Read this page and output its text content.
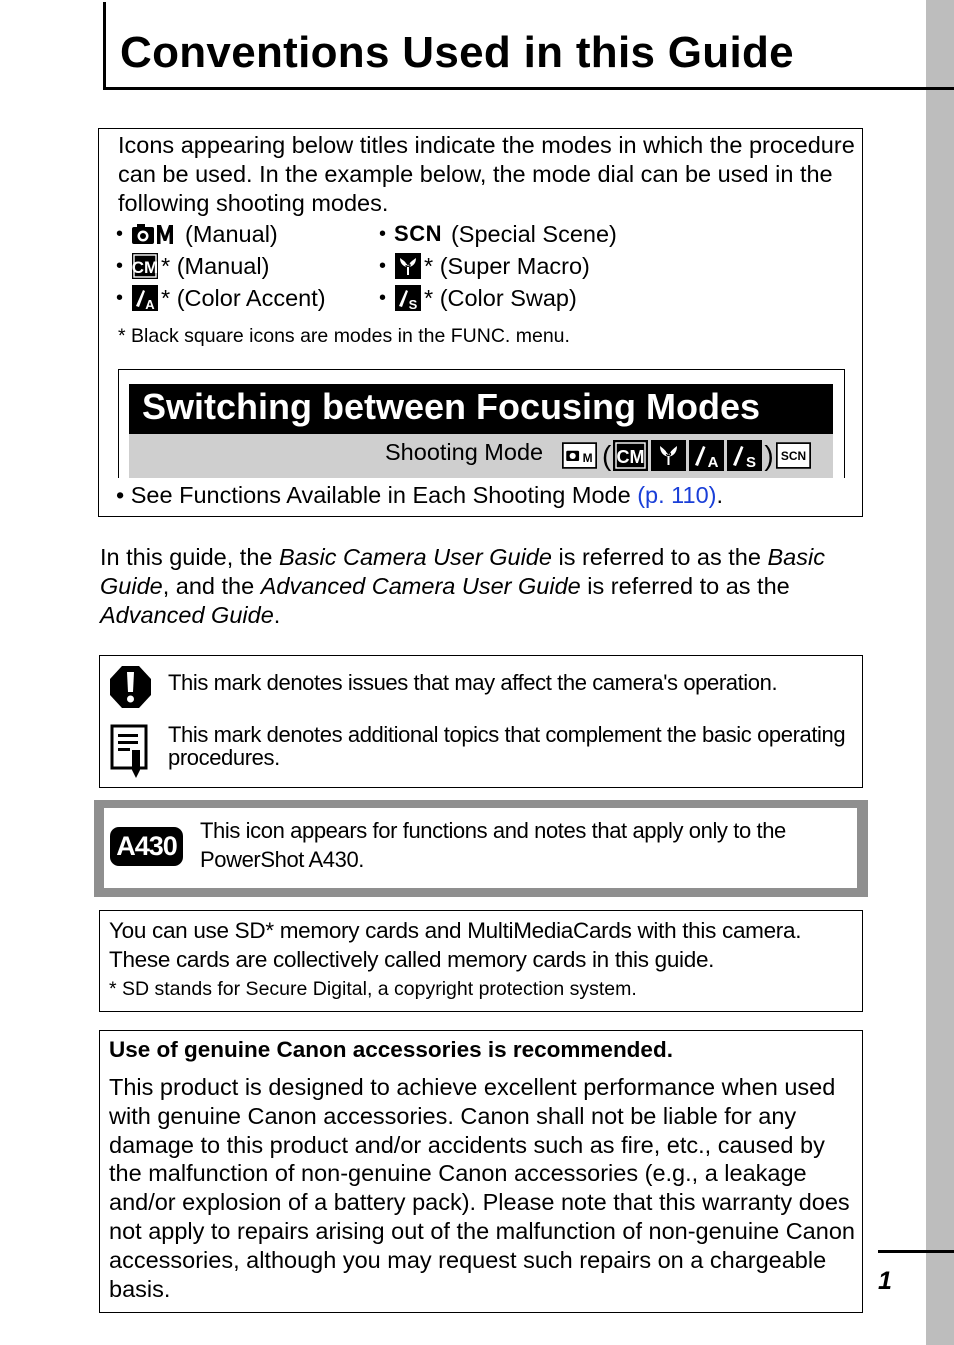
Conventions Used in this Guide
Icons appearing below titles indicate the modes in which the procedure can be used. In the example below, the mode dial can be used in the following shooting modes.
•	(Manual)
• CM * (Manual)
• A * (Color Accent)
• SCN (Special Scene)
• S * (Super Macro)
• S * (Color Swap)
* Black square icons are modes in the FUNC. menu.
Switching between Focusing Modes
Shooting Mode	M ( CM S
A S ) SCN
• See Functions Available in Each Shooting Mode (p. 110).

In this guide, the Basic Camera User Guide is referred to as the Basic Guide, and the Advanced Camera User Guide is referred to as the Advanced Guide.

This mark denotes issues that may affect the camera's operation.
This mark denotes additional topics that complement the basic operating procedures.
A430
This icon appears for functions and notes that apply only to the PowerShot A430.
You can use SD* memory cards and MultiMediaCards with this camera. These cards are collectively called memory cards in this guide.
* SD stands for Secure Digital, a copyright protection system.
Use of genuine Canon accessories is recommended.
This product is designed to achieve excellent performance when used with genuine Canon accessories. Canon shall not be liable for any damage to this product and/or accidents such as fire, etc., caused by the malfunction of non-genuine Canon accessories (e.g., a leakage and/or explosion of a battery pack). Please note that this warranty does not apply to repairs arising out of the malfunction of non-genuine Canon accessories, although you may request such repairs on a chargeable basis.	1
